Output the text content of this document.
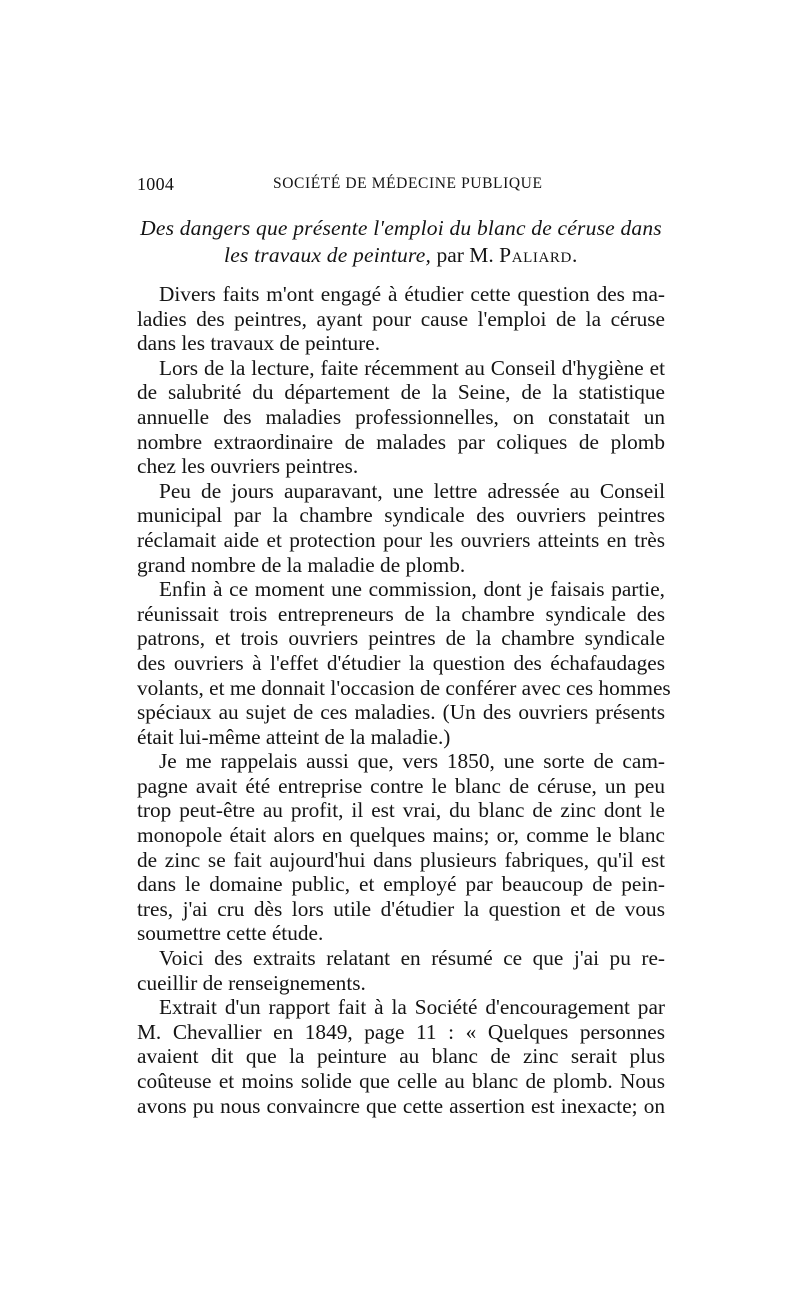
1004	SOCIÉTÉ DE MÉDECINE PUBLIQUE
Des dangers que présente l'emploi du blanc de céruse dans les travaux de peinture, par M. Paliard.

Divers faits m'ont engagé à étudier cette question des ma-
ladies des peintres, ayant pour cause l'emploi de la céruse
dans les travaux de peinture.

Lors de la lecture, faite récemment au Conseil d'hygiène et
de salubrité du département de la Seine, de la statistique
annuelle des maladies professionnelles, on constatait un
nombre extraordinaire de malades par coliques de plomb
chez les ouvriers peintres.

Peu de jours auparavant, une lettre adressée au Conseil
municipal par la chambre syndicale des ouvriers peintres
réclamait aide et protection pour les ouvriers atteints en très
grand nombre de la maladie de plomb.

Enfin à ce moment une commission, dont je faisais partie,
réunissait trois entrepreneurs de la chambre syndicale des
patrons, et trois ouvriers peintres de la chambre syndicale
des ouvriers à l'effet d'étudier la question des échafaudages
volants, et me donnait l'occasion de conférer avec ces hommes
spéciaux au sujet de ces maladies. (Un des ouvriers présents
était lui-même atteint de la maladie.)

Je me rappelais aussi que, vers 1850, une sorte de cam-
pagne avait été entreprise contre le blanc de céruse, un peu
trop peut-être au profit, il est vrai, du blanc de zinc dont le
monopole était alors en quelques mains; or, comme le blanc
de zinc se fait aujourd'hui dans plusieurs fabriques, qu'il est
dans le domaine public, et employé par beaucoup de pein-
tres, j'ai cru dès lors utile d'étudier la question et de vous
soumettre cette étude.

Voici des extraits relatant en résumé ce que j'ai pu re-
cueillir de renseignements.

Extrait d'un rapport fait à la Société d'encouragement par
M. Chevallier en 1849, page 11 : « Quelques personnes
avaient dit que la peinture au blanc de zinc serait plus
coûteuse et moins solide que celle au blanc de plomb. Nous
avons pu nous convaincre que cette assertion est inexacte; on
